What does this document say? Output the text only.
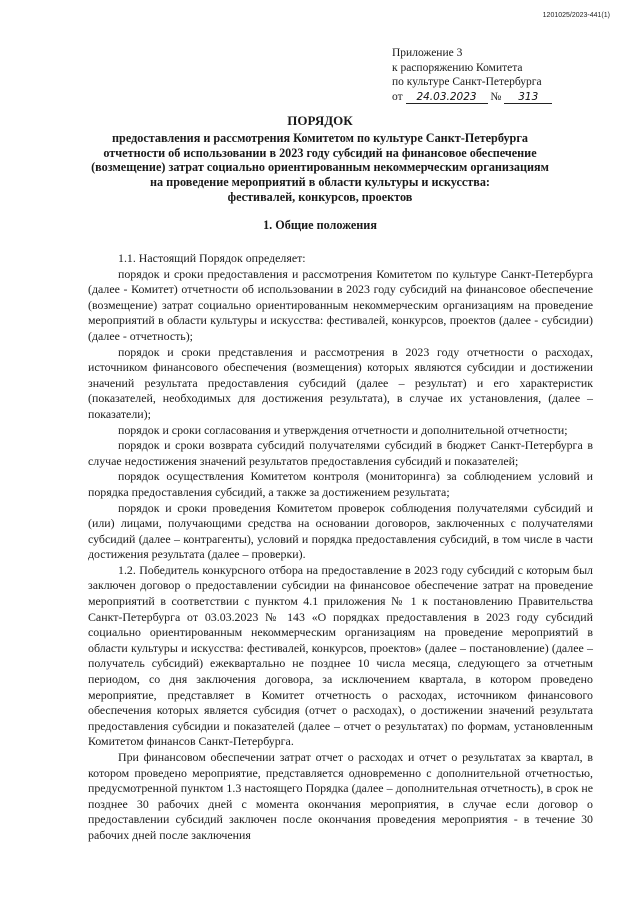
1201025/2023-441(1)
Приложение 3
к распоряжению Комитета
по культуре Санкт-Петербурга
от 24.03.2023 № 313
ПОРЯДОК
предоставления и рассмотрения Комитетом по культуре Санкт-Петербурга
отчетности об использовании в 2023 году субсидий на финансовое обеспечение
(возмещение) затрат социально ориентированным некоммерческим организациям
на проведение мероприятий в области культуры и искусства:
фестивалей, конкурсов, проектов
1. Общие положения

1.1. Настоящий Порядок определяет:

порядок и сроки предоставления и рассмотрения Комитетом по культуре Санкт-Петербурга (далее - Комитет) отчетности об использовании в 2023 году субсидий на финансовое обеспечение (возмещение) затрат социально ориентированным некоммерческим организациям на проведение мероприятий в области культуры и искусства: фестивалей, конкурсов, проектов (далее - субсидии) (далее - отчетность);

порядок и сроки представления и рассмотрения в 2023 году отчетности о расходах, источником финансового обеспечения (возмещения) которых являются субсидии и достижении значений результата предоставления субсидий (далее – результат) и его характеристик (показателей, необходимых для достижения результата), в случае их установления, (далее – показатели);

порядок и сроки согласования и утверждения отчетности и дополнительной отчетности;

порядок и сроки возврата субсидий получателями субсидий в бюджет Санкт-Петербурга в случае недостижения значений результатов предоставления субсидий и показателей;

порядок осуществления Комитетом контроля (мониторинга) за соблюдением условий и порядка предоставления субсидий, а также за достижением результата;

порядок и сроки проведения Комитетом проверок соблюдения получателями субсидий и (или) лицами, получающими средства на основании договоров, заключенных с получателями субсидий (далее – контрагенты), условий и порядка предоставления субсидий, в том числе в части достижения результата (далее – проверки).

1.2. Победитель конкурсного отбора на предоставление в 2023 году субсидий с которым был заключен договор о предоставлении субсидии на финансовое обеспечение затрат на проведение мероприятий в соответствии с пунктом 4.1 приложения № 1 к постановлению Правительства Санкт-Петербурга от 03.03.2023 № 143 «О порядках предоставления в 2023 году субсидий социально ориентированным некоммерческим организациям на проведение мероприятий в области культуры и искусства: фестивалей, конкурсов, проектов» (далее – постановление) (далее – получатель субсидий) ежеквартально не позднее 10 числа месяца, следующего за отчетным периодом, со дня заключения договора, за исключением квартала, в котором проведено мероприятие, представляет в Комитет отчетность о расходах, источником финансового обеспечения которых является субсидия (отчет о расходах), о достижении значений результата предоставления субсидии и показателей (далее – отчет о результатах) по формам, установленным Комитетом финансов Санкт-Петербурга.

При финансовом обеспечении затрат отчет о расходах и отчет о результатах за квартал, в котором проведено мероприятие, представляется одновременно с дополнительной отчетностью, предусмотренной пунктом 1.3 настоящего Порядка (далее – дополнительная отчетность), в срок не позднее 30 рабочих дней с момента окончания мероприятия, в случае если договор о предоставлении субсидий заключен после окончания проведения мероприятия - в течение 30 рабочих дней после заключения
